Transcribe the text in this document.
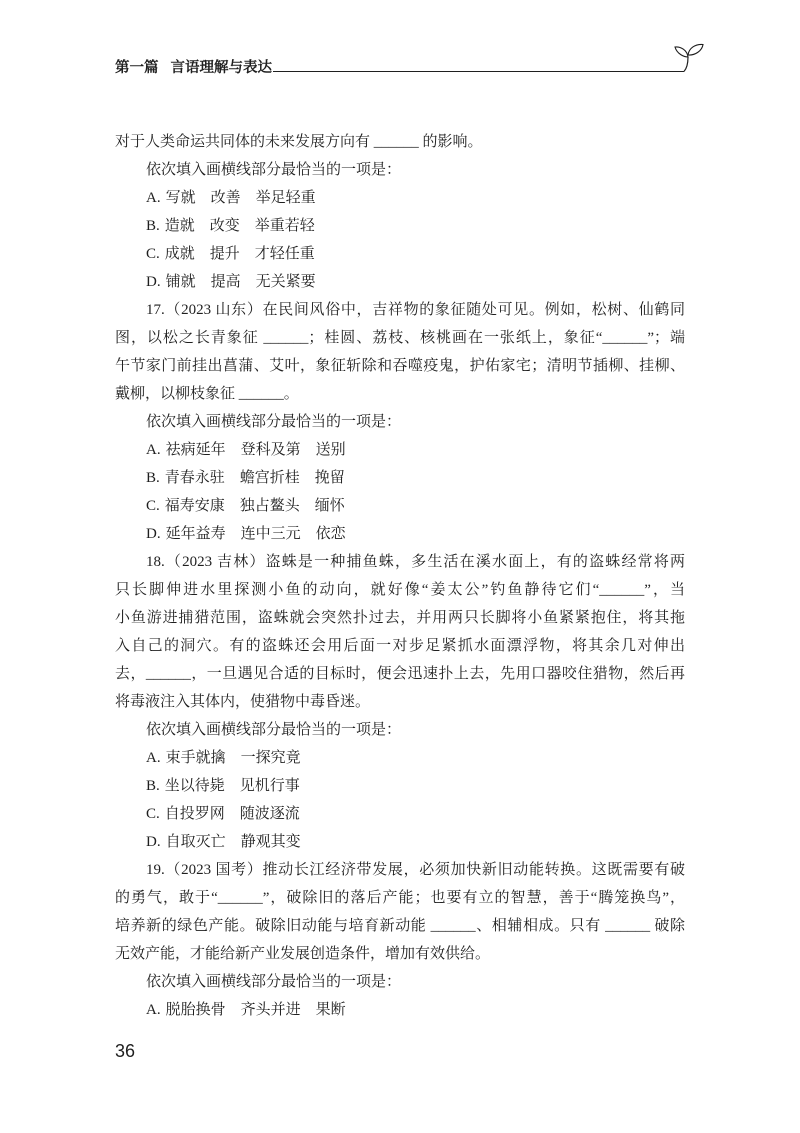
第一篇 言语理解与表达
对于人类命运共同体的未来发展方向有 ______ 的影响。
依次填入画横线部分最恰当的一项是：
A. 写就　改善　举足轻重
B. 造就　改变　举重若轻
C. 成就　提升　才轻任重
D. 铺就　提高　无关紧要
17.（2023 山东）在民间风俗中，吉祥物的象征随处可见。例如，松树、仙鹤同
图，以松之长青象征 ______；桂圆、荔枝、核桃画在一张纸上，象征“______”；端
午节家门前挂出菖蒲、艾叶，象征斩除和吞噬疫鬼，护佑家宅；清明节插柳、挂柳、
戴柳，以柳枝象征 ______。
依次填入画横线部分最恰当的一项是：
A. 祛病延年　登科及第　送别
B. 青春永驻　蟾宫折桂　挽留
C. 福寿安康　独占鳌头　缅怀
D. 延年益寿　连中三元　依恋
18.（2023 吉林）盗蛛是一种捕鱼蛛，多生活在溪水面上，有的盗蛛经常将两
只长脚伸进水里探测小鱼的动向，就好像“姜太公”钓鱼静待它们“______”，当
小鱼游进捕猎范围，盗蛛就会突然扑过去，并用两只长脚将小鱼紧紧抱住，将其拖
入自己的洞穴。有的盗蛛还会用后面一对步足紧抓水面漂浮物，将其余几对伸出
去，______，一旦遇见合适的目标时，便会迅速扑上去，先用口器咬住猎物，然后再
将毒液注入其体内，使猎物中毒昏迷。
依次填入画横线部分最恰当的一项是：
A. 束手就擒　一探究竟
B. 坐以待毙　见机行事
C. 自投罗网　随波逐流
D. 自取灭亡　静观其变
19.（2023 国考）推动长江经济带发展，必须加快新旧动能转换。这既需要有破
的勇气，敢于“______”，破除旧的落后产能；也要有立的智慧，善于“腾笼换鸟”，
培养新的绿色产能。破除旧动能与培育新动能 ______、相辅相成。只有 ______ 破除
无效产能，才能给新产业发展创造条件，增加有效供给。
依次填入画横线部分最恰当的一项是：
A. 脱胎换骨　齐头并进　果断
36
